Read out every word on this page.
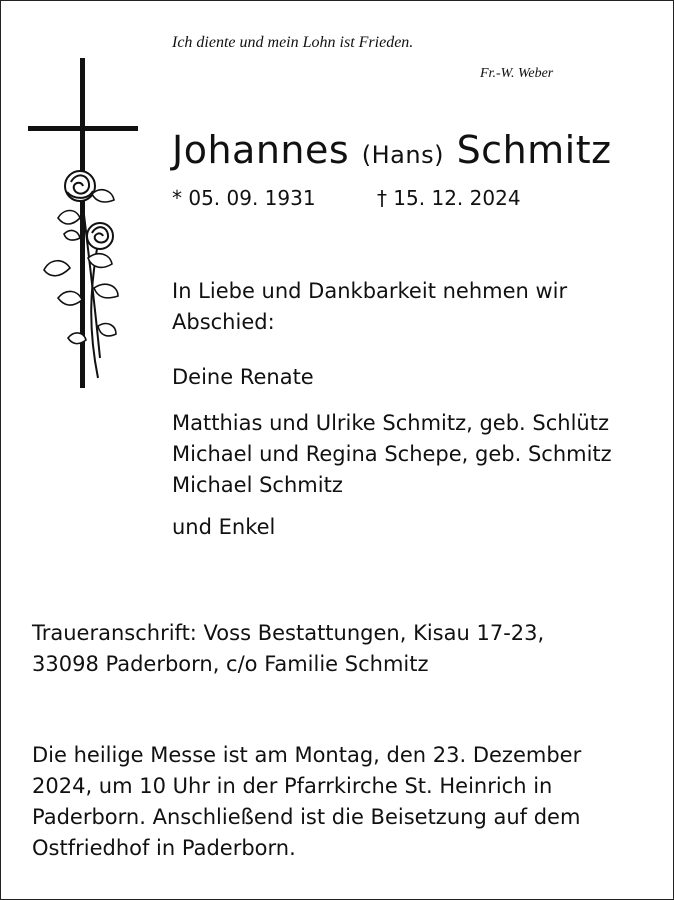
Ich diente und mein Lohn ist Frieden.
Fr.-W. Weber
Johannes (Hans) Schmitz
* 05. 09. 1931	† 15. 12. 2024
In Liebe und Dankbarkeit nehmen wir
Abschied:
Deine Renate
Matthias und Ulrike Schmitz, geb. Schlütz
Michael und Regina Schepe, geb. Schmitz
Michael Schmitz
und Enkel
Traueranschrift: Voss Bestattungen, Kisau 17-23,
33098 Paderborn, c/o Familie Schmitz
Die heilige Messe ist am Montag, den 23. Dezember
2024, um 10 Uhr in der Pfarrkirche St. Heinrich in
Paderborn. Anschließend ist die Beisetzung auf dem
Ostfriedhof in Paderborn.
